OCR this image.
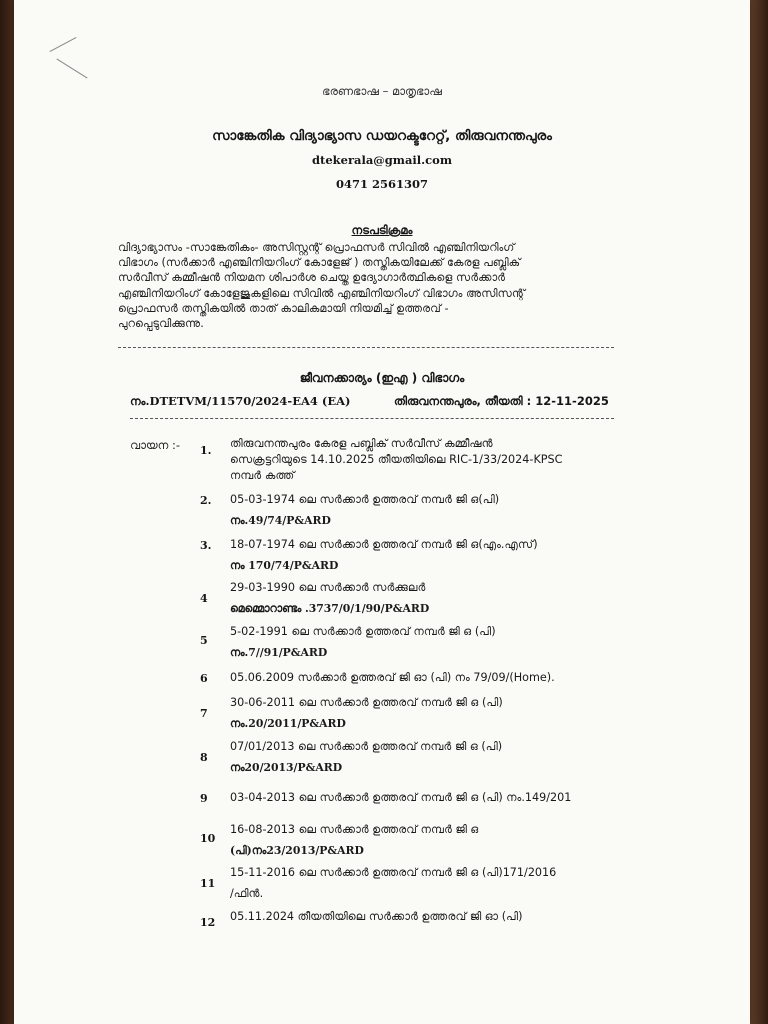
ഭരണഭാഷ – മാതൃഭാഷ
സാങ്കേതിക വിദ്യാഭ്യാസ ഡയറക്ടറേറ്റ്, തിരുവനന്തപുരം
dtekerala@gmail.com
0471 2561307
നടപടിക്രമം
വിദ്യാഭ്യാസം -സാങ്കേതികം- അസിസ്റ്റന്റ് പ്രൊഫസർ സിവിൽ എഞ്ചിനിയറിംഗ്
വിഭാഗം (സർക്കാർ എഞ്ചിനിയറിംഗ് കോളേജ് ) തസ്തികയിലേക്ക് കേരള പബ്ലിക്
സർവീസ് കമ്മീഷൻ നിയമന ശിപാർശ ചെയ്ത ഉദ്യോഗാർത്ഥികളെ സർക്കാർ
എഞ്ചിനിയറിംഗ് കോളേജുകളിലെ സിവിൽ എഞ്ചിനിയറിംഗ് വിഭാഗം അസിസന്റ്
പ്രൊഫസർ തസ്തികയിൽ താത് കാലികമായി നിയമിച്ച് ഉത്തരവ് -
പുറപ്പെടുവിക്കുന്നു.
ജീവനക്കാര്യം (ഇഎ ) വിഭാഗം
നം.DTETVM/11570/2024-EA4 (EA)	തിരുവനന്തപുരം, തീയതി : 12-11-2025
വായന :- 1.
തിരുവനന്തപുരം കേരള പബ്ലിക് സർവീസ് കമ്മീഷൻ
സെക്രട്ടറിയുടെ 14.10.2025 തീയതിയിലെ RIC-1/33/2024-KPSC
നമ്പർ കത്ത്
2. 05-03-1974 ലെ സർക്കാർ ഉത്തരവ് നമ്പർ ജി ഒ(പി)
നം.49/74/P&ARD
3. 18-07-1974 ലെ സർക്കാർ ഉത്തരവ് നമ്പർ ജി ഒ(എം.എസ്)
നം 170/74/P&ARD
4
29-03-1990 ലെ സർക്കാർ സർക്കുലർ
മെമ്മൊറാണ്ടം .3737/0/1/90/P&ARD
5
5-02-1991 ലെ സർക്കാർ ഉത്തരവ് നമ്പർ ജി ഒ (പി)
നം.7//91/P&ARD
6 05.06.2009 സർക്കാർ ഉത്തരവ് ജി ഓ (പി) നം 79/09/(Home).
7
30-06-2011 ലെ സർക്കാർ ഉത്തരവ് നമ്പർ ജി ഒ (പി)
നം.20/2011/P&ARD
8
07/01/2013 ലെ സർക്കാർ ഉത്തരവ് നമ്പർ ജി ഒ (പി)
നം20/2013/P&ARD
9 03-04-2013 ലെ സർക്കാർ ഉത്തരവ് നമ്പർ ജി ഒ (പി) നം.149/201
10
16-08-2013 ലെ സർക്കാർ ഉത്തരവ് നമ്പർ ജി ഒ
(പി)നം23/2013/P&ARD
11
15-11-2016 ലെ സർക്കാർ ഉത്തരവ് നമ്പർ ജി ഒ (പി)171/2016
/ഫിൻ.
12 05.11.2024 തീയതിയിലെ സർക്കാർ ഉത്തരവ് ജി ഓ (പി)
